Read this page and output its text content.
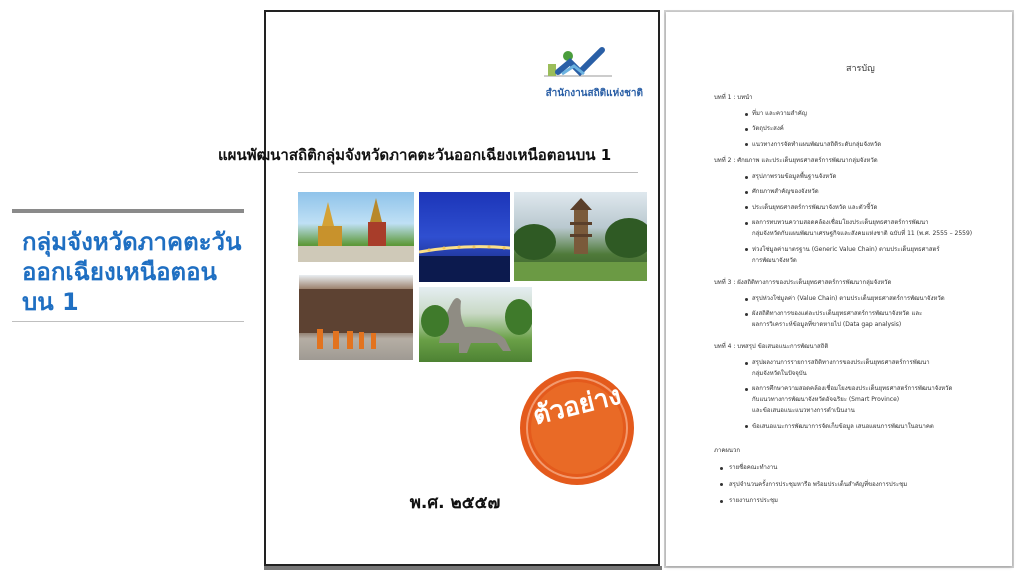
กลุ่มจังหวัดภาคตะวันออกเฉียงเหนือตอนบน 1
สำนักงานสถิติแห่งชาติ
แผนพัฒนาสถิติกลุ่มจังหวัดภาคตะวันออกเฉียงเหนือตอนบน 1
ตัวอย่าง
พ.ศ. ๒๕๕๗
สารบัญ
บทที่ 1 : บทนำ
ที่มา และความสำคัญ
วัตถุประสงค์
แนวทางการจัดทำแผนพัฒนาสถิติระดับกลุ่มจังหวัด
บทที่ 2 : ศักยภาพ และประเด็นยุทธศาสตร์การพัฒนากลุ่มจังหวัด
สรุปภาพรวมข้อมูลพื้นฐานจังหวัด
ศักยภาพสำคัญของจังหวัด
ประเด็นยุทธศาสตร์การพัฒนาจังหวัด และตัวชี้วัด
ผลการทบทวนความสอดคล้องเชื่อมโยงประเด็นยุทธศาสตร์การพัฒนา
กลุ่มจังหวัดกับแผนพัฒนาเศรษฐกิจและสังคมแห่งชาติ ฉบับที่ 11 (พ.ศ. 2555 – 2559)
ห่วงโซ่มูลค่ามาตรฐาน (Generic Value Chain) ตามประเด็นยุทธศาสตร์
การพัฒนาจังหวัด
บทที่ 3 : ผังสถิติทางการของประเด็นยุทธศาสตร์การพัฒนากลุ่มจังหวัด
สรุปห่วงโซ่มูลค่า (Value Chain) ตามประเด็นยุทธศาสตร์การพัฒนาจังหวัด
ผังสถิติทางการของแต่ละประเด็นยุทธศาสตร์การพัฒนาจังหวัด และ
ผลการวิเคราะห์ข้อมูลที่ขาดหายไป (Data gap analysis)
บทที่ 4 : บทสรุป ข้อเสนอแนะการพัฒนาสถิติ
สรุปผลงานการรายการสถิติทางการของประเด็นยุทธศาสตร์การพัฒนา
กลุ่มจังหวัดในปัจจุบัน
ผลการศึกษาความสอดคล้องเชื่อมโยงของประเด็นยุทธศาสตร์การพัฒนาจังหวัด
กับแนวทางการพัฒนาจังหวัดอัจฉริยะ (Smart Province)
และข้อเสนอแนะแนวทางการดำเนินงาน
ข้อเสนอแนะการพัฒนาการจัดเก็บข้อมูล เสนอแผนการพัฒนาในอนาคต
ภาคผนวก
รายชื่อคณะทำงาน
สรุปจำนวนครั้งการประชุมหารือ พร้อมประเด็นสำคัญที่ของการประชุม
รายงานการประชุม
